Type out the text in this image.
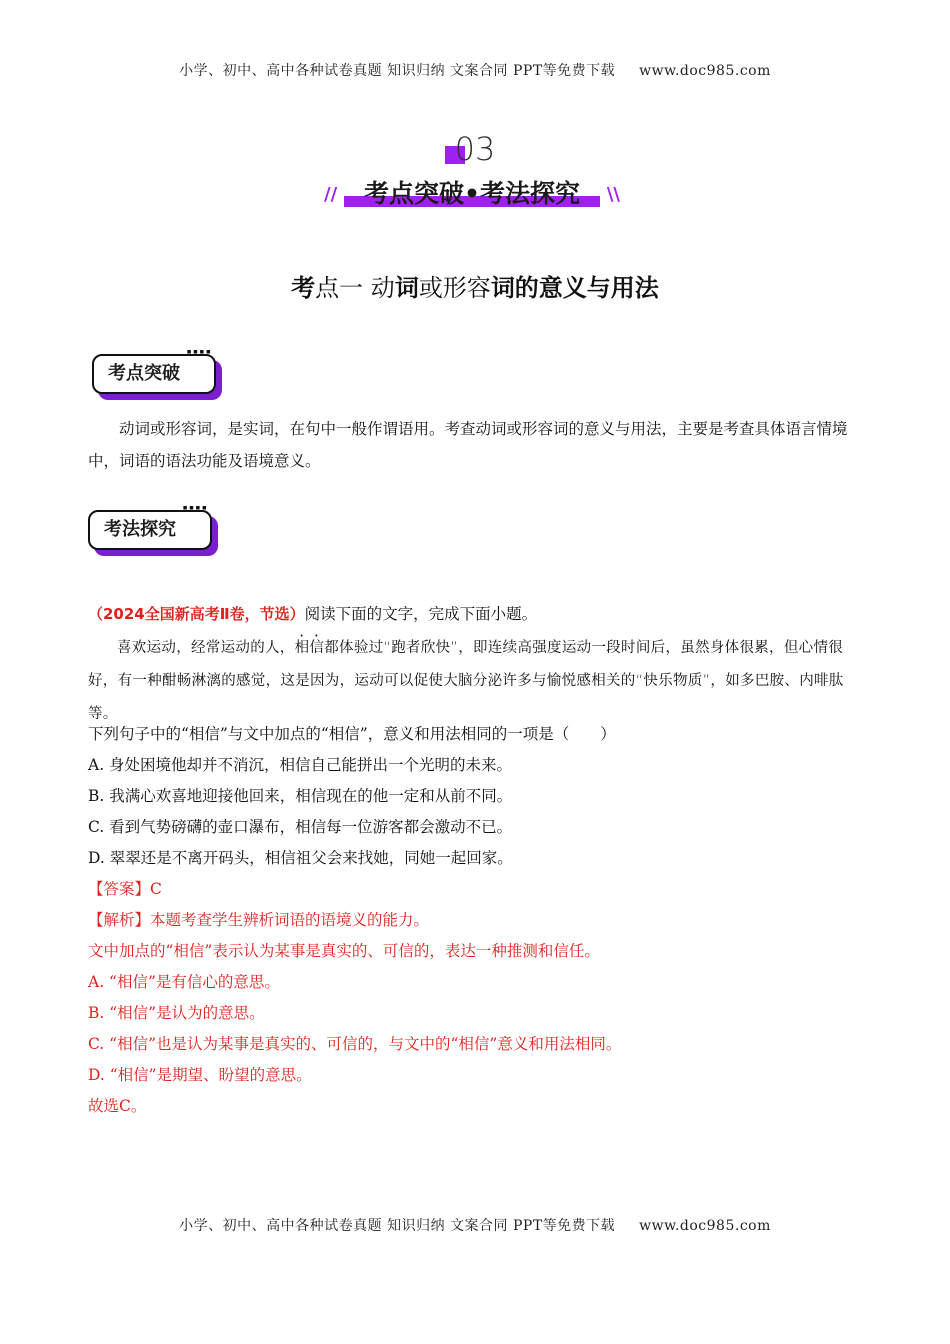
小学、初中、高中各种试卷真题 知识归纳 文案合同 PPT等免费下载 www.doc985.com
03
//	考点突破•考法探究	\\
考点一 动词或形容词的意义与用法
考点突破
▪▪▪▪
动词或形容词，是实词，在句中一般作谓语用。考查动词或形容词的意义与用法，主要是考查具体语言情境中，词语的语法功能及语境意义。
考法探究
▪▪▪▪
（2024全国新高考Ⅱ卷，节选）阅读下面的文字，完成下面小题。
喜欢运动，经常运动的人，相信都体验过“跑者欣快”，即连续高强度运动一段时间后，虽然身体很累，但心情很好，有一种酣畅淋漓的感觉，这是因为，运动可以促使大脑分泌许多与愉悦感相关的“快乐物质”，如多巴胺、内啡肽等。
下列句子中的“相信”与文中加点的“相信”，意义和用法相同的一项是（　　）
A. 身处困境他却并不消沉，相信自己能拼出一个光明的未来。
B. 我满心欢喜地迎接他回来，相信现在的他一定和从前不同。
C. 看到气势磅礴的壶口瀑布，相信每一位游客都会激动不已。
D. 翠翠还是不离开码头，相信祖父会来找她，同她一起回家。
【答案】C
【解析】本题考查学生辨析词语的语境义的能力。
文中加点的“相信”表示认为某事是真实的、可信的，表达一种推测和信任。
A. “相信”是有信心的意思。
B. “相信”是认为的意思。
C. “相信”也是认为某事是真实的、可信的，与文中的“相信”意义和用法相同。
D. “相信”是期望、盼望的意思。
故选C。
小学、初中、高中各种试卷真题 知识归纳 文案合同 PPT等免费下载 www.doc985.com
